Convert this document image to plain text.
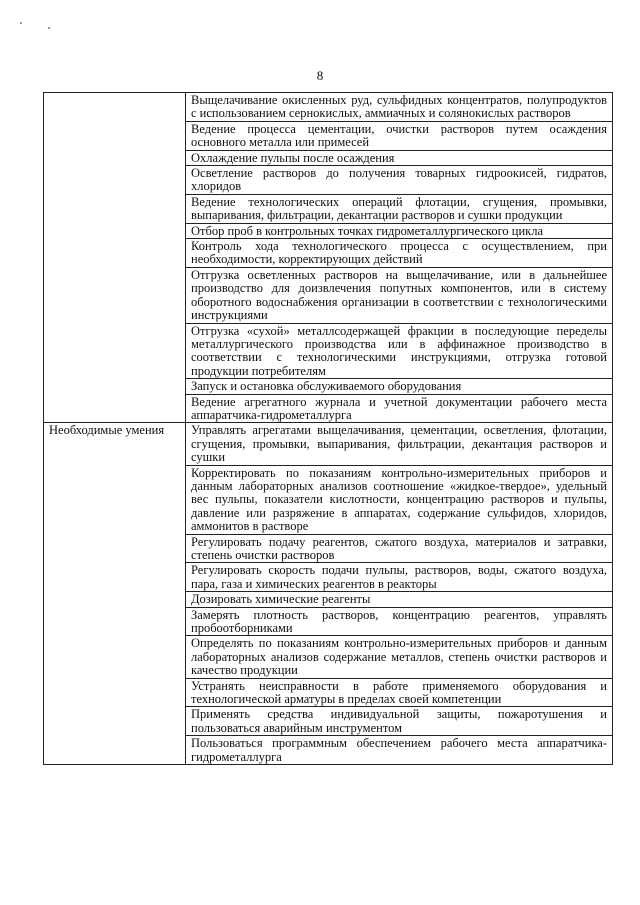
8
	Выщелачивание окисленных руд, сульфидных концентратов, полупродуктов с использованием сернокислых, аммиачных и солянокислых растворов
	Ведение процесса цементации, очистки растворов путем осаждения основного металла или примесей
	Охлаждение пульпы после осаждения
	Осветление растворов до получения товарных гидроокисей, гидратов, хлоридов
	Ведение технологических операций флотации, сгущения, промывки, выпаривания, фильтрации, декантации растворов и сушки продукции
	Отбор проб в контрольных точках гидрометаллургического цикла
	Контроль хода технологического процесса с осуществлением, при необходимости, корректирующих действий
	Отгрузка осветленных растворов на выщелачивание, или в дальнейшее производство для доизвлечения попутных компонентов, или в систему оборотного водоснабжения организации в соответствии с технологическими инструкциями
	Отгрузка «сухой» металлсодержащей фракции в последующие переделы металлургического производства или в аффинажное производство в соответствии с технологическими инструкциями, отгрузка готовой продукции потребителям
	Запуск и остановка обслуживаемого оборудования
	Ведение агрегатного журнала и учетной документации рабочего места аппаратчика-гидрометаллурга
Необходимые умения	Управлять агрегатами выщелачивания, цементации, осветления, флотации, сгущения, промывки, выпаривания, фильтрации, декантация растворов и сушки
	Корректировать по показаниям контрольно-измерительных приборов и данным лабораторных анализов соотношение «жидкое-твердое», удельный вес пульпы, показатели кислотности, концентрацию растворов и пульпы, давление или разряжение в аппаратах, содержание сульфидов, хлоридов, аммонитов в растворе
	Регулировать подачу реагентов, сжатого воздуха, материалов и затравки, степень очистки растворов
	Регулировать скорость подачи пульпы, растворов, воды, сжатого воздуха, пара, газа и химических реагентов в реакторы
	Дозировать химические реагенты
	Замерять плотность растворов, концентрацию реагентов, управлять пробоотборниками
	Определять по показаниям контрольно-измерительных приборов и данным лабораторных анализов содержание металлов, степень очистки растворов и качество продукции
	Устранять неисправности в работе применяемого оборудования и технологической арматуры в пределах своей компетенции
	Применять средства индивидуальной защиты, пожаротушения и пользоваться аварийным инструментом
	Пользоваться программным обеспечением рабочего места аппаратчика-гидрометаллурга
